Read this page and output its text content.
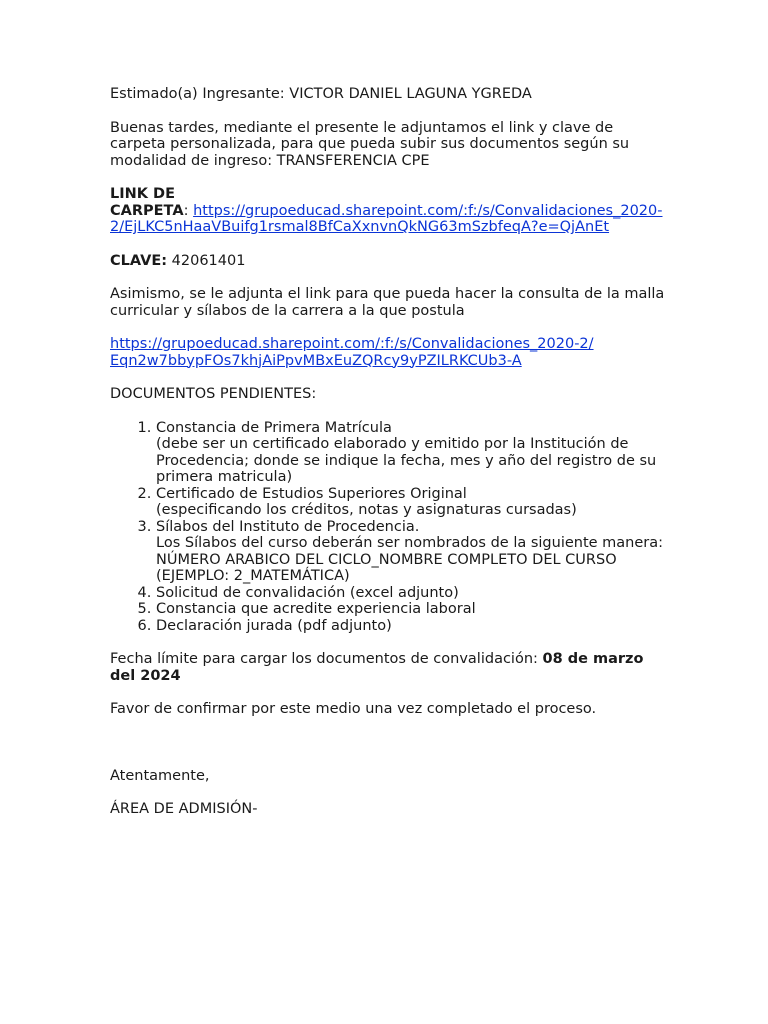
Estimado(a) Ingresante: VICTOR DANIEL LAGUNA YGREDA

Buenas tardes, mediante el presente le adjuntamos el link y clave de carpeta personalizada, para que pueda subir sus documentos según su modalidad de ingreso: TRANSFERENCIA CPE

LINK DE
CARPETA: https://grupoeducad.sharepoint.com/:f:/s/Convalidaciones_2020-2/EjLKC5nHaaVBuifg1rsmal8BfCaXxnvnQkNG63mSzbfeqA?e=QjAnEt

CLAVE: 42061401

Asimismo, se le adjunta el link para que pueda hacer la consulta de la malla curricular y sílabos de la carrera a la que postula

https://grupoeducad.sharepoint.com/:f:/s/Convalidaciones_2020-2/
Eqn2w7bbypFOs7khjAiPpvMBxEuZQRcy9yPZILRKCUb3-A

DOCUMENTOS PENDIENTES:

1. Constancia de Primera Matrícula
(debe ser un certificado elaborado y emitido por la Institución de Procedencia; donde se indique la fecha, mes y año del registro de su primera matricula)
2. Certificado de Estudios Superiores Original
(especificando los créditos, notas y asignaturas cursadas)
3. Sílabos del Instituto de Procedencia.
Los Sílabos del curso deberán ser nombrados de la siguiente manera: NÚMERO ARABICO DEL CICLO_NOMBRE COMPLETO DEL CURSO (EJEMPLO: 2_MATEMÁTICA)
4. Solicitud de convalidación (excel adjunto)
5. Constancia que acredite experiencia laboral
6. Declaración jurada (pdf adjunto)

Fecha límite para cargar los documentos de convalidación: 08 de marzo del 2024

Favor de confirmar por este medio una vez completado el proceso.

Atentamente,

ÁREA DE ADMISIÓN-
